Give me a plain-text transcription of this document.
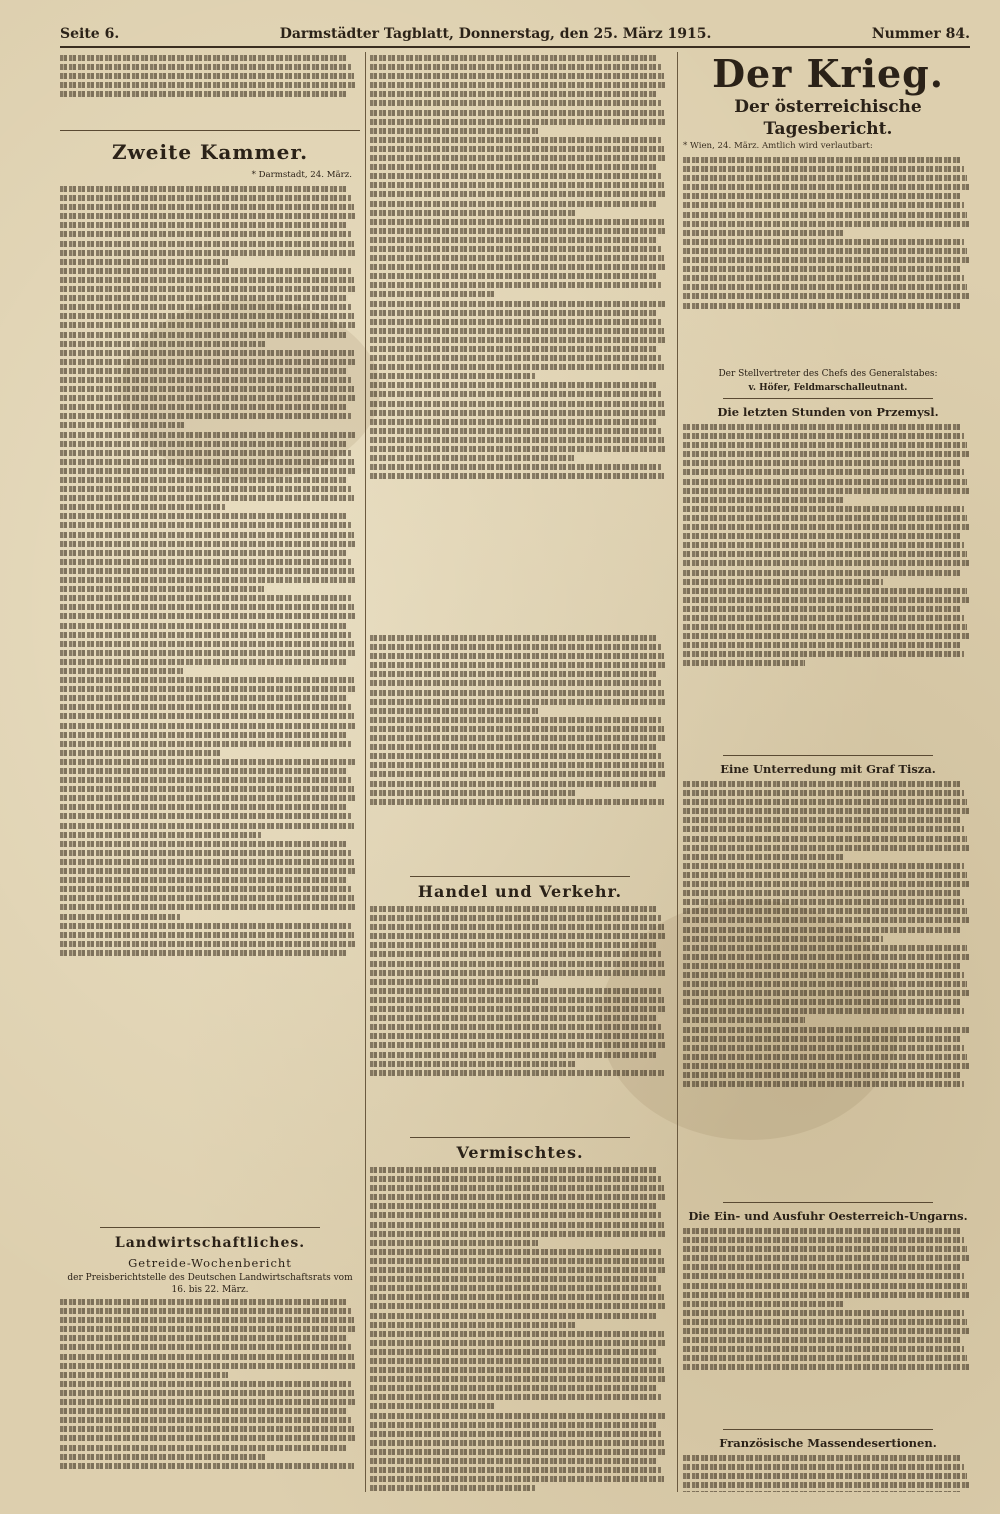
Seite 6.	Darmstädter Tagblatt, Donnerstag, den 25. März 1915.	Nummer 84.
Zweite Kammer.
* Darmstadt, 24. März.
Landwirtschaftliches.
Getreide-Wochenbericht
der Preisberichtstelle des Deutschen Landwirtschaftsrats vom 16. bis 22. März.
Handel und Verkehr.
Vermischtes.
Der Krieg.
Der österreichische Tagesbericht.
* Wien, 24. März. Amtlich wird verlautbart:
Der Stellvertreter des Chefs des Generalstabes:
v. Höfer, Feldmarschalleutnant.
Die letzten Stunden von Przemysl.
Eine Unterredung mit Graf Tisza.
Die Ein- und Ausfuhr Oesterreich-Ungarns.
Französische Massendesertionen.
